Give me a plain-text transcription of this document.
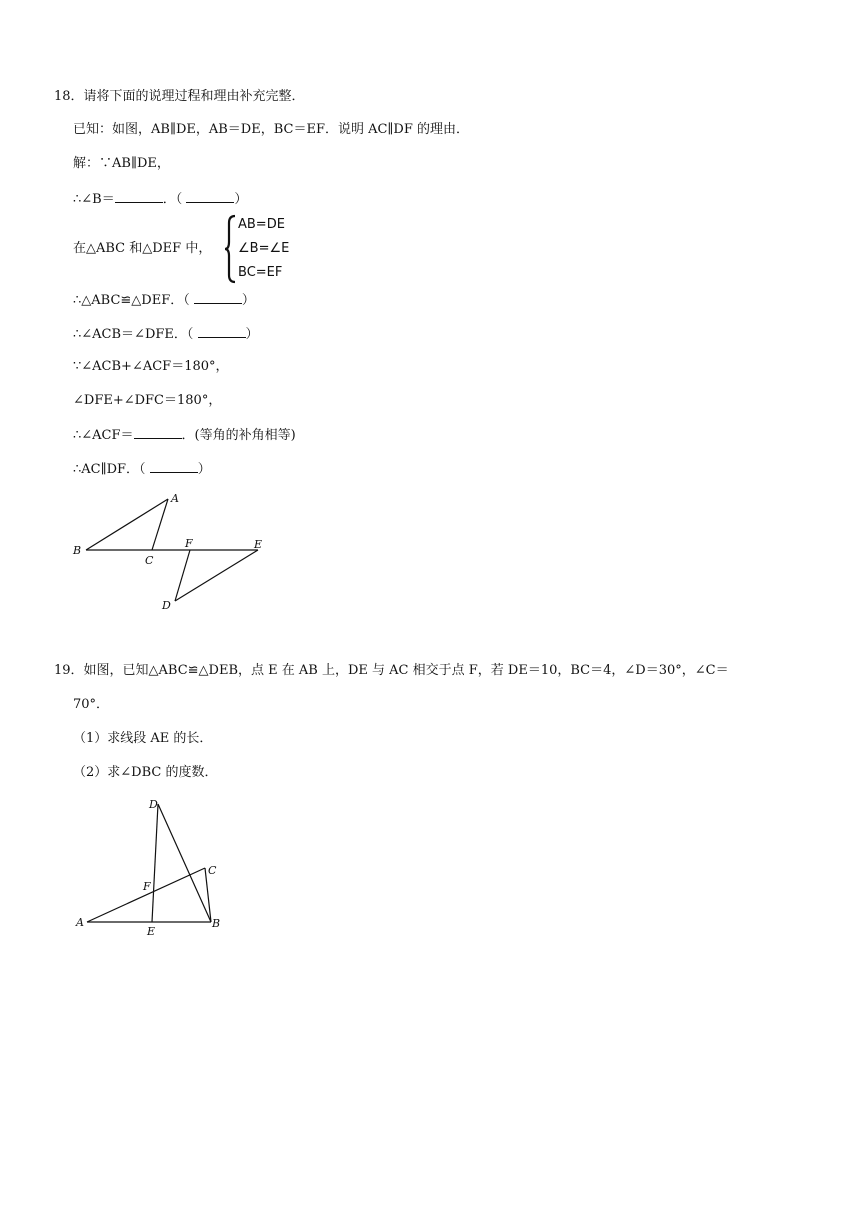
18．请将下面的说理过程和理由补充完整．
已知：如图，AB∥DE，AB＝DE，BC＝EF．说明 AC∥DF 的理由．
解：∵AB∥DE，
∴∠B＝	．（	）
在△ABC 和△DEF 中，
AB=DE
∠B=∠E
BC=EF
∴△ABC≌△DEF．（	）
∴∠ACB＝∠DFE．（	）
∵∠ACB+∠ACF＝180°，
∠DFE+∠DFC＝180°，
∴∠ACF＝	．(等角的补角相等)
∴AC∥DF．（	）
A
B
C
F	E
D
19．如图，已知△ABC≌△DEB，点 E 在 AB 上，DE 与 AC 相交于点 F，若 DE＝10，BC＝4，∠D＝30°，∠C＝
70°．
（1）求线段 AE 的长．
（2）求∠DBC 的度数．
D
C
F
A
E
B
